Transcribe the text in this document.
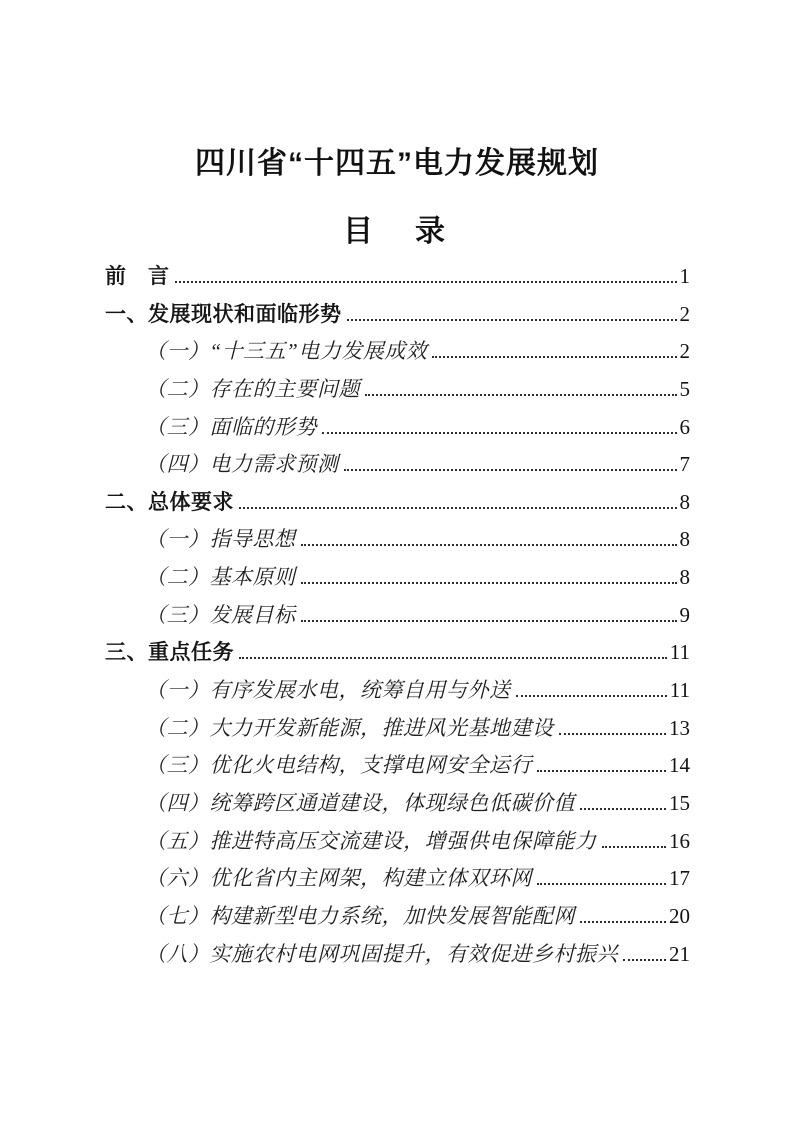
四川省“十四五”电力发展规划
目　录
前　言	1
一、发展现状和面临形势	2
（一）“十三五”电力发展成效	2
（二）存在的主要问题	5
（三）面临的形势	6
（四）电力需求预测	7
二、总体要求	8
（一）指导思想	8
（二）基本原则	8
（三）发展目标	9
三、重点任务	11
（一）有序发展水电，统筹自用与外送	11
（二）大力开发新能源，推进风光基地建设	13
（三）优化火电结构，支撑电网安全运行	14
（四）统筹跨区通道建设，体现绿色低碳价值	15
（五）推进特高压交流建设，增强供电保障能力	16
（六）优化省内主网架，构建立体双环网	17
（七）构建新型电力系统，加快发展智能配网	20
（八）实施农村电网巩固提升，有效促进乡村振兴 21
